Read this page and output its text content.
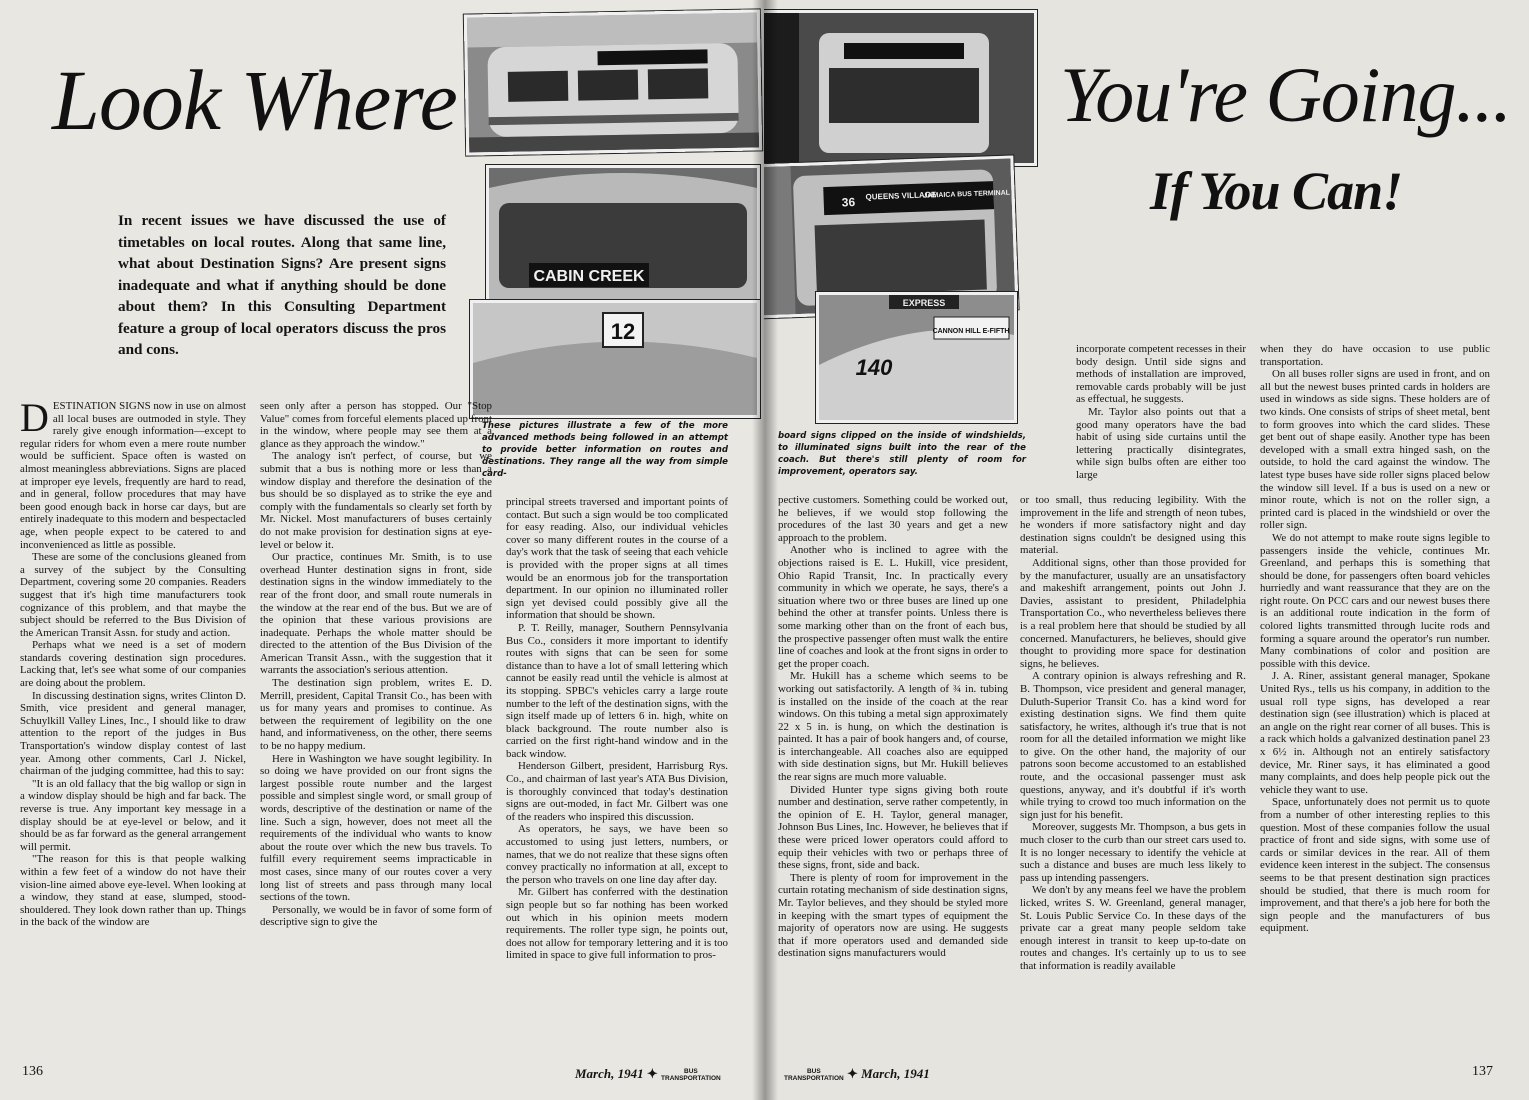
Look Where
In recent issues we have discussed the use of timetables on local routes. Along that same line, what about Destination Signs? Are present signs inadequate and what if anything should be done about them? In this Consulting Department feature a group of local operators discuss the pros and cons.
CABIN CREEK
12
These pictures illustrate a few of the more advanced methods being followed in an attempt to provide better information on routes and destinations. They range all the way from simple card-

DESTINATION SIGNS now in use on almost all local buses are outmoded in style. They rarely give enough information—except to regular riders for whom even a mere route number would be sufficient. Space often is wasted on almost meaningless abbreviations. Signs are placed at improper eye levels, frequently are hard to read, and in general, follow procedures that may have been good enough back in horse car days, but are entirely inadequate to this modern and bespectacled age, when people expect to be catered to and inconvenienced as little as possible.

These are some of the conclusions gleaned from a survey of the subject by the Consulting Department, covering some 20 companies. Readers suggest that it's high time manufacturers took cognizance of this problem, and that maybe the subject should be referred to the Bus Division of the American Transit Assn. for study and action.

Perhaps what we need is a set of modern standards covering destination sign procedures. Lacking that, let's see what some of our companies are doing about the problem.

In discussing destination signs, writes Clinton D. Smith, vice president and general manager, Schuylkill Valley Lines, Inc., I should like to draw attention to the report of the judges in Bus Transportation's window display contest of last year. Among other comments, Carl J. Nickel, chairman of the judging committee, had this to say:

"It is an old fallacy that the big wallop or sign in a window display should be high and far back. The reverse is true. Any important key message in a display should be at eye-level or below, and it should be as far forward as the general arrangement will permit.

"The reason for this is that people walking within a few feet of a window do not have their vision-line aimed above eye-level. When looking at a window, they stand at ease, slumped, stood-shouldered. They look down rather than up. Things in the back of the window are

seen only after a person has stopped. Our "Stop Value" comes from forceful elements placed up front in the window, where people may see them at a glance as they approach the window."

The analogy isn't perfect, of course, but we submit that a bus is nothing more or less than a window display and therefore the desination of the bus should be so displayed as to strike the eye and comply with the fundamentals so clearly set forth by Mr. Nickel. Most manufacturers of buses certainly do not make provision for destination signs at eye-level or below it.

Our practice, continues Mr. Smith, is to use overhead Hunter destination signs in front, side destination signs in the window immediately to the rear of the front door, and small route numerals in the window at the rear end of the bus. But we are of the opinion that these various provisions are inadequate. Perhaps the whole matter should be directed to the attention of the Bus Division of the American Transit Assn., with the suggestion that it warrants the association's serious attention.

The destination sign problem, writes E. D. Merrill, president, Capital Transit Co., has been with us for many years and promises to continue. As between the requirement of legibility on the one hand, and informativeness, on the other, there seems to be no happy medium.

Here in Washington we have sought legibility. In so doing we have provided on our front signs the largest possible route number and the largest possible and simplest single word, or small group of words, descriptive of the destination or name of the line. Such a sign, however, does not meet all the requirements of the individual who wants to know about the route over which the new bus travels. To fulfill every requirement seems impracticable in most cases, since many of our routes cover a very long list of streets and pass through many local sections of the town.

Personally, we would be in favor of some form of descriptive sign to give the

principal streets traversed and important points of contact. But such a sign would be too complicated for easy reading. Also, our individual vehicles cover so many different routes in the course of a day's work that the task of seeing that each vehicle is provided with the proper signs at all times would be an enormous job for the transportation department. In our opinion no illuminated roller sign yet devised could possibly give all the information that should be shown.

P. T. Reilly, manager, Southern Pennsylvania Bus Co., considers it more important to identify routes with signs that can be seen for some distance than to have a lot of small lettering which cannot be easily read until the vehicle is almost at its stopping. SPBC's vehicles carry a large route number to the left of the destination signs, with the sign itself made up of letters 6 in. high, white on black background. The route number also is carried on the first right-hand window and in the back window.

Henderson Gilbert, president, Harrisburg Rys. Co., and chairman of last year's ATA Bus Division, is thoroughly convinced that today's destination signs are out-moded, in fact Mr. Gilbert was one of the readers who inspired this discussion.

As operators, he says, we have been so accustomed to using just letters, numbers, or names, that we do not realize that these signs often convey practically no information at all, except to the person who travels on one line day after day.

Mr. Gilbert has conferred with the destination sign people but so far nothing has been worked out which in his opinion meets modern requirements. The roller type sign, he points out, does not allow for temporary lettering and it is too limited in space to give full information to pros-

136	March, 1941 ✦	BUS
TRANSPORTATION
36 QUEENS VILLAGE
JAMAICA BUS TERMINAL
EXPRESS
CANNON HILL E-FIFTH
140
You're Going...
If You Can!
board signs clipped on the inside of windshields, to illuminated signs built into the rear of the coach. But there's still plenty of room for improvement, operators say.

incorporate competent recesses in their body design. Until side signs and methods of installation are improved, removable cards probably will be just as effectual, he suggests.

Mr. Taylor also points out that a good many operators have the bad habit of using side curtains until the lettering practically disintegrates, while sign bulbs often are either too large

pective customers. Something could be worked out, he believes, if we would stop following the procedures of the last 30 years and get a new approach to the problem.

Another who is inclined to agree with the objections raised is E. L. Hukill, vice president, Ohio Rapid Transit, Inc. In practically every community in which we operate, he says, there's a situation where two or three buses are lined up one behind the other at transfer points. Unless there is some marking other than on the front of each bus, the prospective passenger often must walk the entire line of coaches and look at the front signs in order to get the proper coach.

Mr. Hukill has a scheme which seems to be working out satisfactorily. A length of ¾ in. tubing is installed on the inside of the coach at the rear windows. On this tubing a metal sign approximately 22 x 5 in. is hung, on which the destination is painted. It has a pair of book hangers and, of course, is interchangeable. All coaches also are equipped with side destination signs, but Mr. Hukill believes the rear signs are much more valuable.

Divided Hunter type signs giving both route number and destination, serve rather competently, in the opinion of E. H. Taylor, general manager, Johnson Bus Lines, Inc. However, he believes that if these were priced lower operators could afford to equip their vehicles with two or perhaps three of these signs, front, side and back.

There is plenty of room for improvement in the curtain rotating mechanism of side destination signs, Mr. Taylor believes, and they should be styled more in keeping with the smart types of equipment the majority of operators now are using. He suggests that if more operators used and demanded side destination signs manufacturers would

or too small, thus reducing legibility. With the improvement in the life and strength of neon tubes, he wonders if more satisfactory night and day destination signs couldn't be designed using this material.

Additional signs, other than those provided for by the manufacturer, usually are an unsatisfactory and makeshift arrangement, points out John J. Davies, assistant to president, Philadelphia Transportation Co., who nevertheless believes there is a real problem here that should be studied by all concerned. Manufacturers, he believes, should give thought to providing more space for destination signs, he believes.

A contrary opinion is always refreshing and R. B. Thompson, vice president and general manager, Duluth-Superior Transit Co. has a kind word for existing destination signs. We find them quite satisfactory, he writes, although it's true that is not room for all the detailed information we might like to give. On the other hand, the majority of our patrons soon become accustomed to an established route, and the occasional passenger must ask questions, anyway, and it's doubtful if it's worth while trying to crowd too much information on the sign just for his benefit.

Moreover, suggests Mr. Thompson, a bus gets in much closer to the curb than our street cars used to. It is no longer necessary to identify the vehicle at such a distance and buses are much less likely to pass up intending passengers.

We don't by any means feel we have the problem licked, writes S. W. Greenland, general manager, St. Louis Public Service Co. In these days of the private car a great many people seldom take enough interest in transit to keep up-to-date on routes and changes. It's certainly up to us to see that information is readily available

when they do have occasion to use public transportation.

On all buses roller signs are used in front, and on all but the newest buses printed cards in holders are used in windows as side signs. These holders are of two kinds. One consists of strips of sheet metal, bent to form grooves into which the card slides. These get bent out of shape easily. Another type has been developed with a small extra hinged sash, on the outside, to hold the card against the window. The latest type buses have side roller signs placed below the window sill level. If a bus is used on a new or minor route, which is not on the roller sign, a printed card is placed in the windshield or over the roller sign.

We do not attempt to make route signs legible to passengers inside the vehicle, continues Mr. Greenland, and perhaps this is something that should be done, for passengers often board vehicles hurriedly and want reassurance that they are on the right route. On PCC cars and our newest buses there is an additional route indication in the form of colored lights transmitted through lucite rods and forming a square around the operator's run number. Many combinations of color and position are possible with this device.

J. A. Riner, assistant general manager, Spokane United Rys., tells us his company, in addition to the usual roll type signs, has developed a rear destination sign (see illustration) which is placed at an angle on the right rear corner of all buses. This is a rack which holds a galvanized destination panel 23 x 6½ in. Although not an entirely satisfactory device, Mr. Riner says, it has eliminated a good many complaints, and does help people pick out the vehicle they want to use.

Space, unfortunately does not permit us to quote from a number of other interesting replies to this question. Most of these companies follow the usual practice of front and side signs, with some use of cards or similar devices in the rear. All of them evidence keen interest in the subject. The consensus seems to be that present destination sign practices should be studied, that there is much room for improvement, and that there's a job here for both the sign people and the manufacturers of bus equipment.

BUS
TRANSPORTATION ✦ March, 1941	137
